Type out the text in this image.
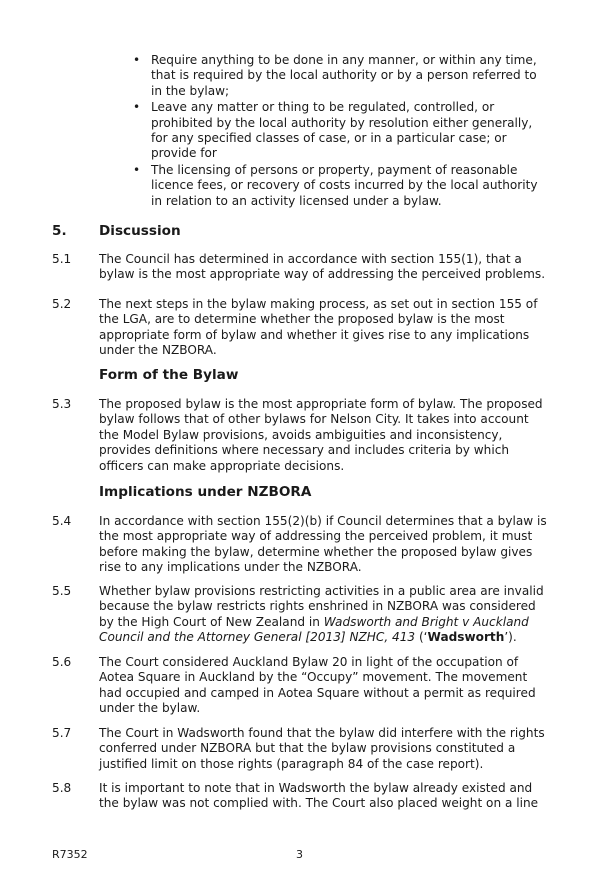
• Require anything to be done in any manner, or within any time, that is required by the local authority or by a person referred to in the bylaw;
• Leave any matter or thing to be regulated, controlled, or prohibited by the local authority by resolution either generally, for any specified classes of case, or in a particular case; or provide for
• The licensing of persons or property, payment of reasonable licence fees, or recovery of costs incurred by the local authority in relation to an activity licensed under a bylaw.
5. Discussion
5.1 The Council has determined in accordance with section 155(1), that a bylaw is the most appropriate way of addressing the perceived problems.
5.2 The next steps in the bylaw making process, as set out in section 155 of the LGA, are to determine whether the proposed bylaw is the most appropriate form of bylaw and whether it gives rise to any implications under the NZBORA.
Form of the Bylaw
5.3 The proposed bylaw is the most appropriate form of bylaw. The proposed bylaw follows that of other bylaws for Nelson City. It takes into account the Model Bylaw provisions, avoids ambiguities and inconsistency, provides definitions where necessary and includes criteria by which officers can make appropriate decisions.
Implications under NZBORA
5.4 In accordance with section 155(2)(b) if Council determines that a bylaw is the most appropriate way of addressing the perceived problem, it must before making the bylaw, determine whether the proposed bylaw gives rise to any implications under the NZBORA.
5.5 Whether bylaw provisions restricting activities in a public area are invalid because the bylaw restricts rights enshrined in NZBORA was considered by the High Court of New Zealand in Wadsworth and Bright v Auckland Council and the Attorney General [2013] NZHC, 413 (‘Wadsworth’).
5.6 The Court considered Auckland Bylaw 20 in light of the occupation of Aotea Square in Auckland by the “Occupy” movement. The movement had occupied and camped in Aotea Square without a permit as required under the bylaw.
5.7 The Court in Wadsworth found that the bylaw did interfere with the rights conferred under NZBORA but that the bylaw provisions constituted a justified limit on those rights (paragraph 84 of the case report).
5.8 It is important to note that in Wadsworth the bylaw already existed and the bylaw was not complied with. The Court also placed weight on a line
R7352	3
